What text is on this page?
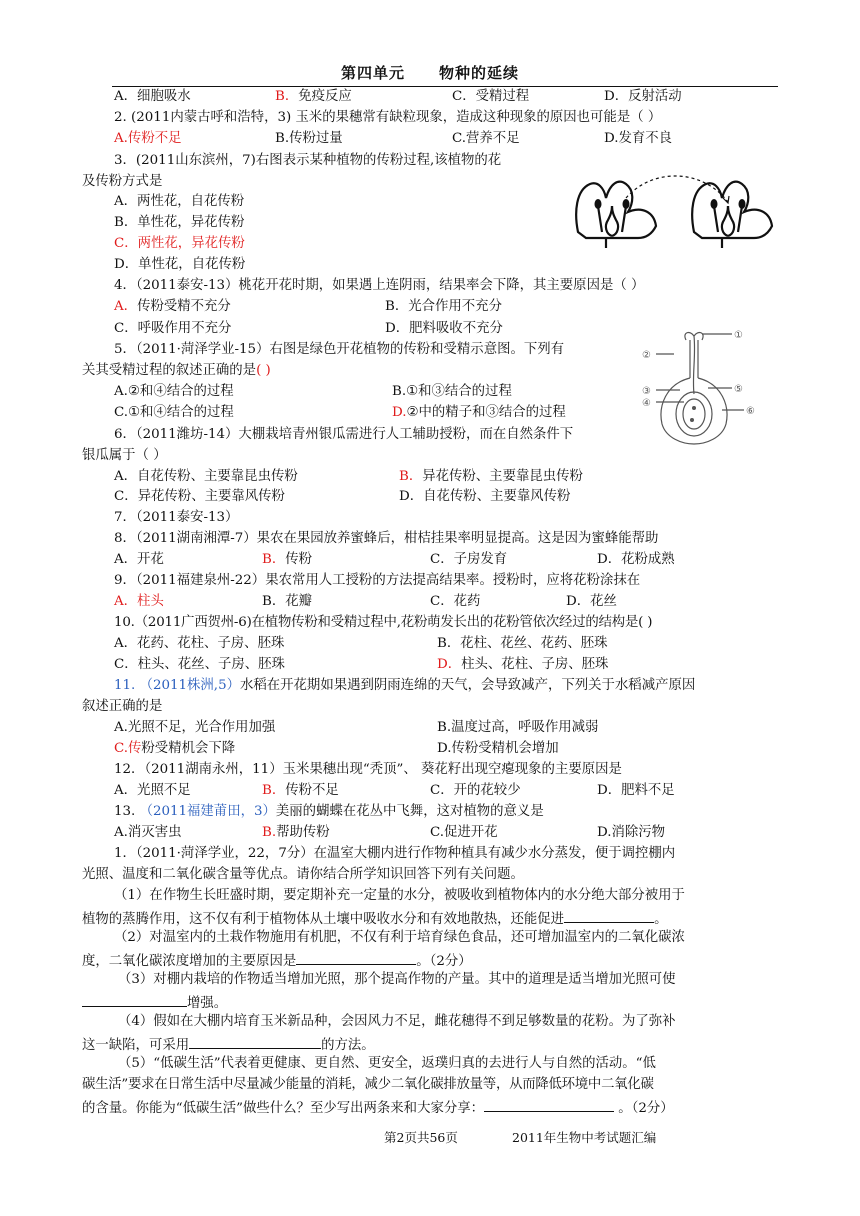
第四单元 物种的延续
A．细胞吸水	B．免疫反应	C．受精过程	D．反射活动
2. (2011内蒙古呼和浩特，3) 玉米的果穗常有缺粒现象，造成这种现象的原因也可能是（ ）
A.传粉不足	B.传粉过量	C.营养不足	D.发育不良
3．(2011山东滨州，7)右图表示某种植物的传粉过程,该植物的花
及传粉方式是
A．两性花，自花传粉
B．单性花，异花传粉
C．两性花，异花传粉
D．单性花，自花传粉
4．（2011泰安-13）桃花开花时期，如果遇上连阴雨，结果率会下降，其主要原因是（ ）
A．传粉受精不充分	B．光合作用不充分
C．呼吸作用不充分	D．肥料吸收不充分
5．（2011·菏泽学业-15）右图是绿色开花植物的传粉和受精示意图。下列有
关其受精过程的叙述正确的是( )
A.②和④结合的过程	B.①和③结合的过程
C.①和④结合的过程	D.②中的精子和③结合的过程
①
②
③
④
⑤
⑥
6．（2011潍坊-14）大棚栽培青州银瓜需进行人工辅助授粉，而在自然条件下
银瓜属于（ ）
A．自花传粉、主要靠昆虫传粉	B．异花传粉、主要靠昆虫传粉
C．异花传粉、主要靠风传粉	D．自花传粉、主要靠风传粉
7．（2011泰安-13）
8．（2011湖南湘潭-7）果农在果园放养蜜蜂后，柑桔挂果率明显提高。这是因为蜜蜂能帮助
A．开花	B．传粉	C．子房发育	D．花粉成熟
9．（2011福建泉州-22）果农常用人工授粉的方法提高结果率。授粉时，应将花粉涂抹在
A．柱头	B．花瓣	C．花药	D．花丝
10.（2011广西贺州-6)在植物传粉和受精过程中,花粉萌发长出的花粉管依次经过的结构是( )
A．花药、花柱、子房、胚珠	B．花柱、花丝、花药、胚珠
C．柱头、花丝、子房、胚珠	D．柱头、花柱、子房、胚珠
11. （2011株洲,5）水稻在开花期如果遇到阴雨连绵的天气，会导致减产，下列关于水稻减产原因
叙述正确的是
A.光照不足，光合作用加强	B.温度过高，呼吸作用减弱
C.传粉受精机会下降	D.传粉受精机会增加
12．（2011湖南永州，11）玉米果穗出现“秃顶”、 葵花籽出现空瘪现象的主要原因是
A．光照不足	B．传粉不足	C．开的花较少	D．肥料不足
13. （2011福建莆田，3）美丽的蝴蝶在花丛中飞舞，这对植物的意义是
A.消灭害虫	B.帮助传粉	C.促进开花	D.消除污物
1．（2011·菏泽学业，22，7分）在温室大棚内进行作物种植具有减少水分蒸发，便于调控棚内
光照、温度和二氧化碳含量等优点。请你结合所学知识回答下列有关问题。
（1）在作物生长旺盛时期，要定期补充一定量的水分，被吸收到植物体内的水分绝大部分被用于
植物的蒸腾作用，这不仅有利于植物体从土壤中吸收水分和有效地散热，还能促进	。
（2）对温室内的土栽作物施用有机肥，不仅有利于培育绿色食品，还可增加温室内的二氧化碳浓
度，二氧化碳浓度增加的主要原因是	。（2分）
（3）对棚内栽培的作物适当增加光照，那个提高作物的产量。其中的道理是适当增加光照可使
增强。
（4）假如在大棚内培育玉米新品种，会因风力不足，雌花穗得不到足够数量的花粉。为了弥补
这一缺陷，可采用	的方法。
（5）“低碳生活”代表着更健康、更自然、更安全，返璞归真的去进行人与自然的活动。“低
碳生活”要求在日常生活中尽量减少能量的消耗，减少二氧化碳排放量等，从而降低环境中二氧化碳
的含量。你能为“低碳生活”做些什么？至少写出两条来和大家分享：	。（2分）
第2页共56页	2011年生物中考试题汇编
